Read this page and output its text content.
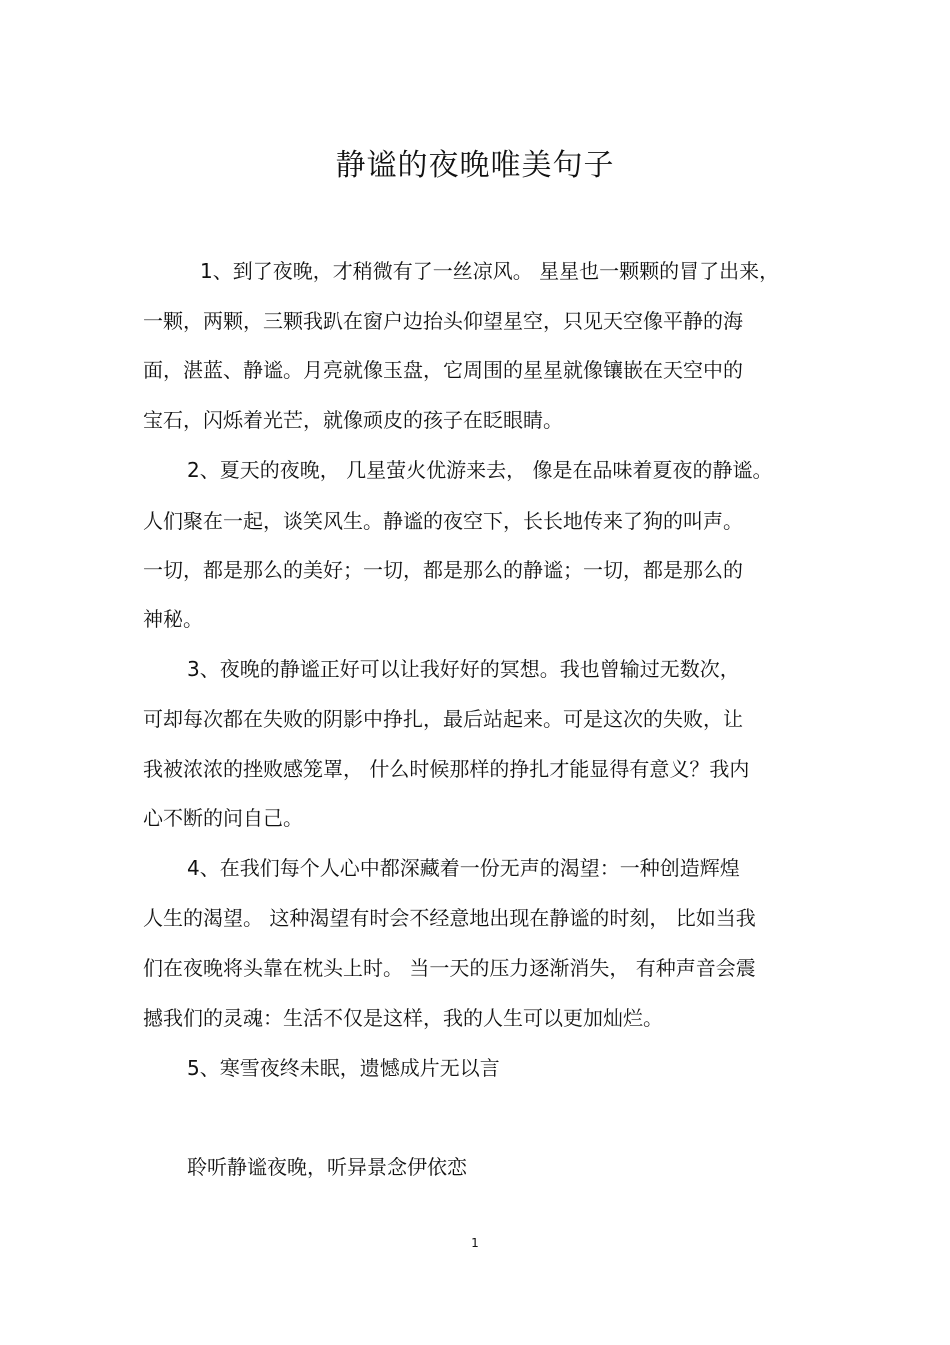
静谧的夜晚唯美句子

1、到了夜晚，才稍微有了一丝凉风。 星星也一颗颗的冒了出来，

一颗，两颗，三颗我趴在窗户边抬头仰望星空，只见天空像平静的海

面，湛蓝、静谧。月亮就像玉盘，它周围的星星就像镶嵌在天空中的

宝石，闪烁着光芒，就像顽皮的孩子在眨眼睛。

2、夏天的夜晚， 几星萤火优游来去， 像是在品味着夏夜的静谧。

人们聚在一起，谈笑风生。静谧的夜空下，长长地传来了狗的叫声。

一切，都是那么的美好；一切，都是那么的静谧；一切，都是那么的

神秘。

3、夜晚的静谧正好可以让我好好的冥想。我也曾输过无数次，

可却每次都在失败的阴影中挣扎，最后站起来。可是这次的失败，让

我被浓浓的挫败感笼罩， 什么时候那样的挣扎才能显得有意义？我内

心不断的问自己。

4、在我们每个人心中都深藏着一份无声的渴望：一种创造辉煌

人生的渴望。 这种渴望有时会不经意地出现在静谧的时刻， 比如当我

们在夜晚将头靠在枕头上时。 当一天的压力逐渐消失， 有种声音会震

撼我们的灵魂：生活不仅是这样，我的人生可以更加灿烂。

5、寒雪夜终未眠，遗憾成片无以言

聆听静谧夜晚，听异景念伊依恋

1
